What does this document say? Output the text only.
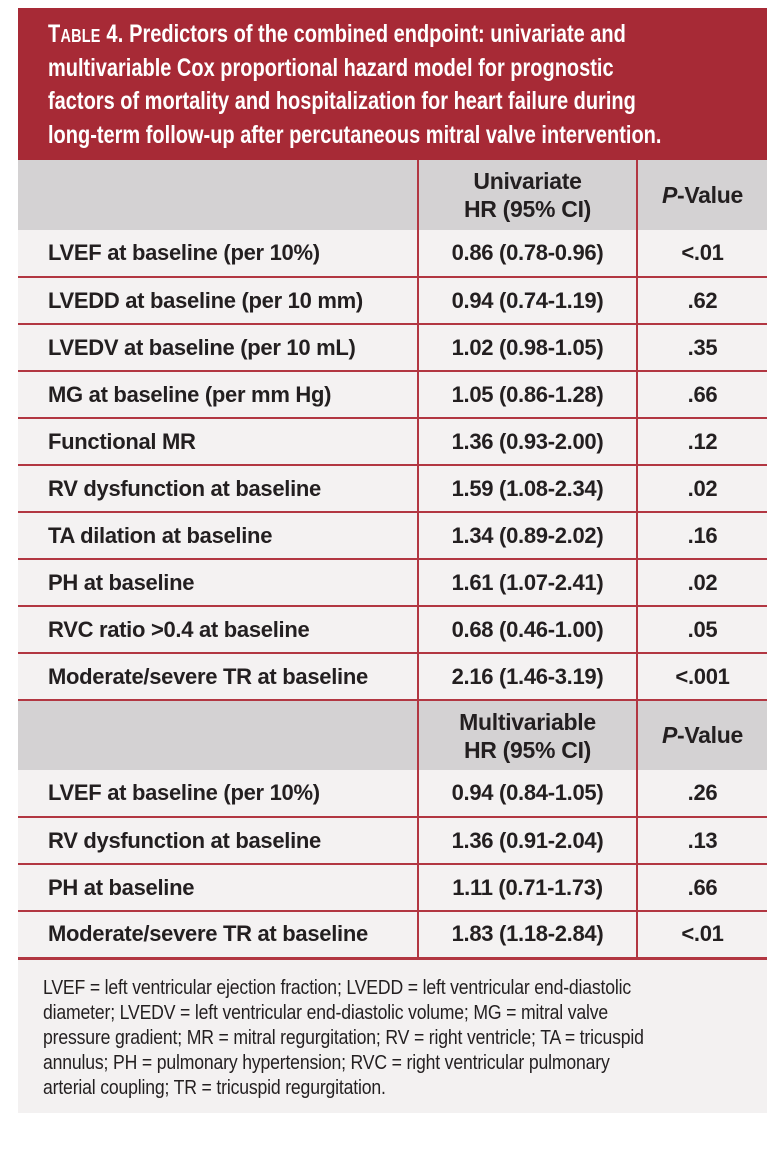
Table 4. Predictors of the combined endpoint: univariate and
multivariable Cox proportional hazard model for prognostic
factors of mortality and hospitalization for heart failure during
long-term follow-up after percutaneous mitral valve intervention.

	Univariate
HR (95% CI)	P-Value
LVEF at baseline (per 10%)	0.86 (0.78-0.96)	<.01
LVEDD at baseline (per 10 mm)	0.94 (0.74-1.19)	.62
LVEDV at baseline (per 10 mL)	1.02 (0.98-1.05)	.35
MG at baseline (per mm Hg)	1.05 (0.86-1.28)	.66
Functional MR	1.36 (0.93-2.00)	.12
RV dysfunction at baseline	1.59 (1.08-2.34)	.02
TA dilation at baseline	1.34 (0.89-2.02)	.16
PH at baseline	1.61 (1.07-2.41)	.02
RVC ratio >0.4 at baseline	0.68 (0.46-1.00)	.05
Moderate/severe TR at baseline	2.16 (1.46-3.19)	<.001

	Multivariable
HR (95% CI)	P-Value
LVEF at baseline (per 10%)	0.94 (0.84-1.05)	.26
RV dysfunction at baseline	1.36 (0.91-2.04)	.13
PH at baseline	1.11 (0.71-1.73)	.66
Moderate/severe TR at baseline	1.83 (1.18-2.84)	<.01
LVEF = left ventricular ejection fraction; LVEDD = left ventricular end-diastolic
diameter; LVEDV = left ventricular end-diastolic volume; MG = mitral valve
pressure gradient; MR = mitral regurgitation; RV = right ventricle; TA = tricuspid
annulus; PH = pulmonary hypertension; RVC = right ventricular pulmonary
arterial coupling; TR = tricuspid regurgitation.
